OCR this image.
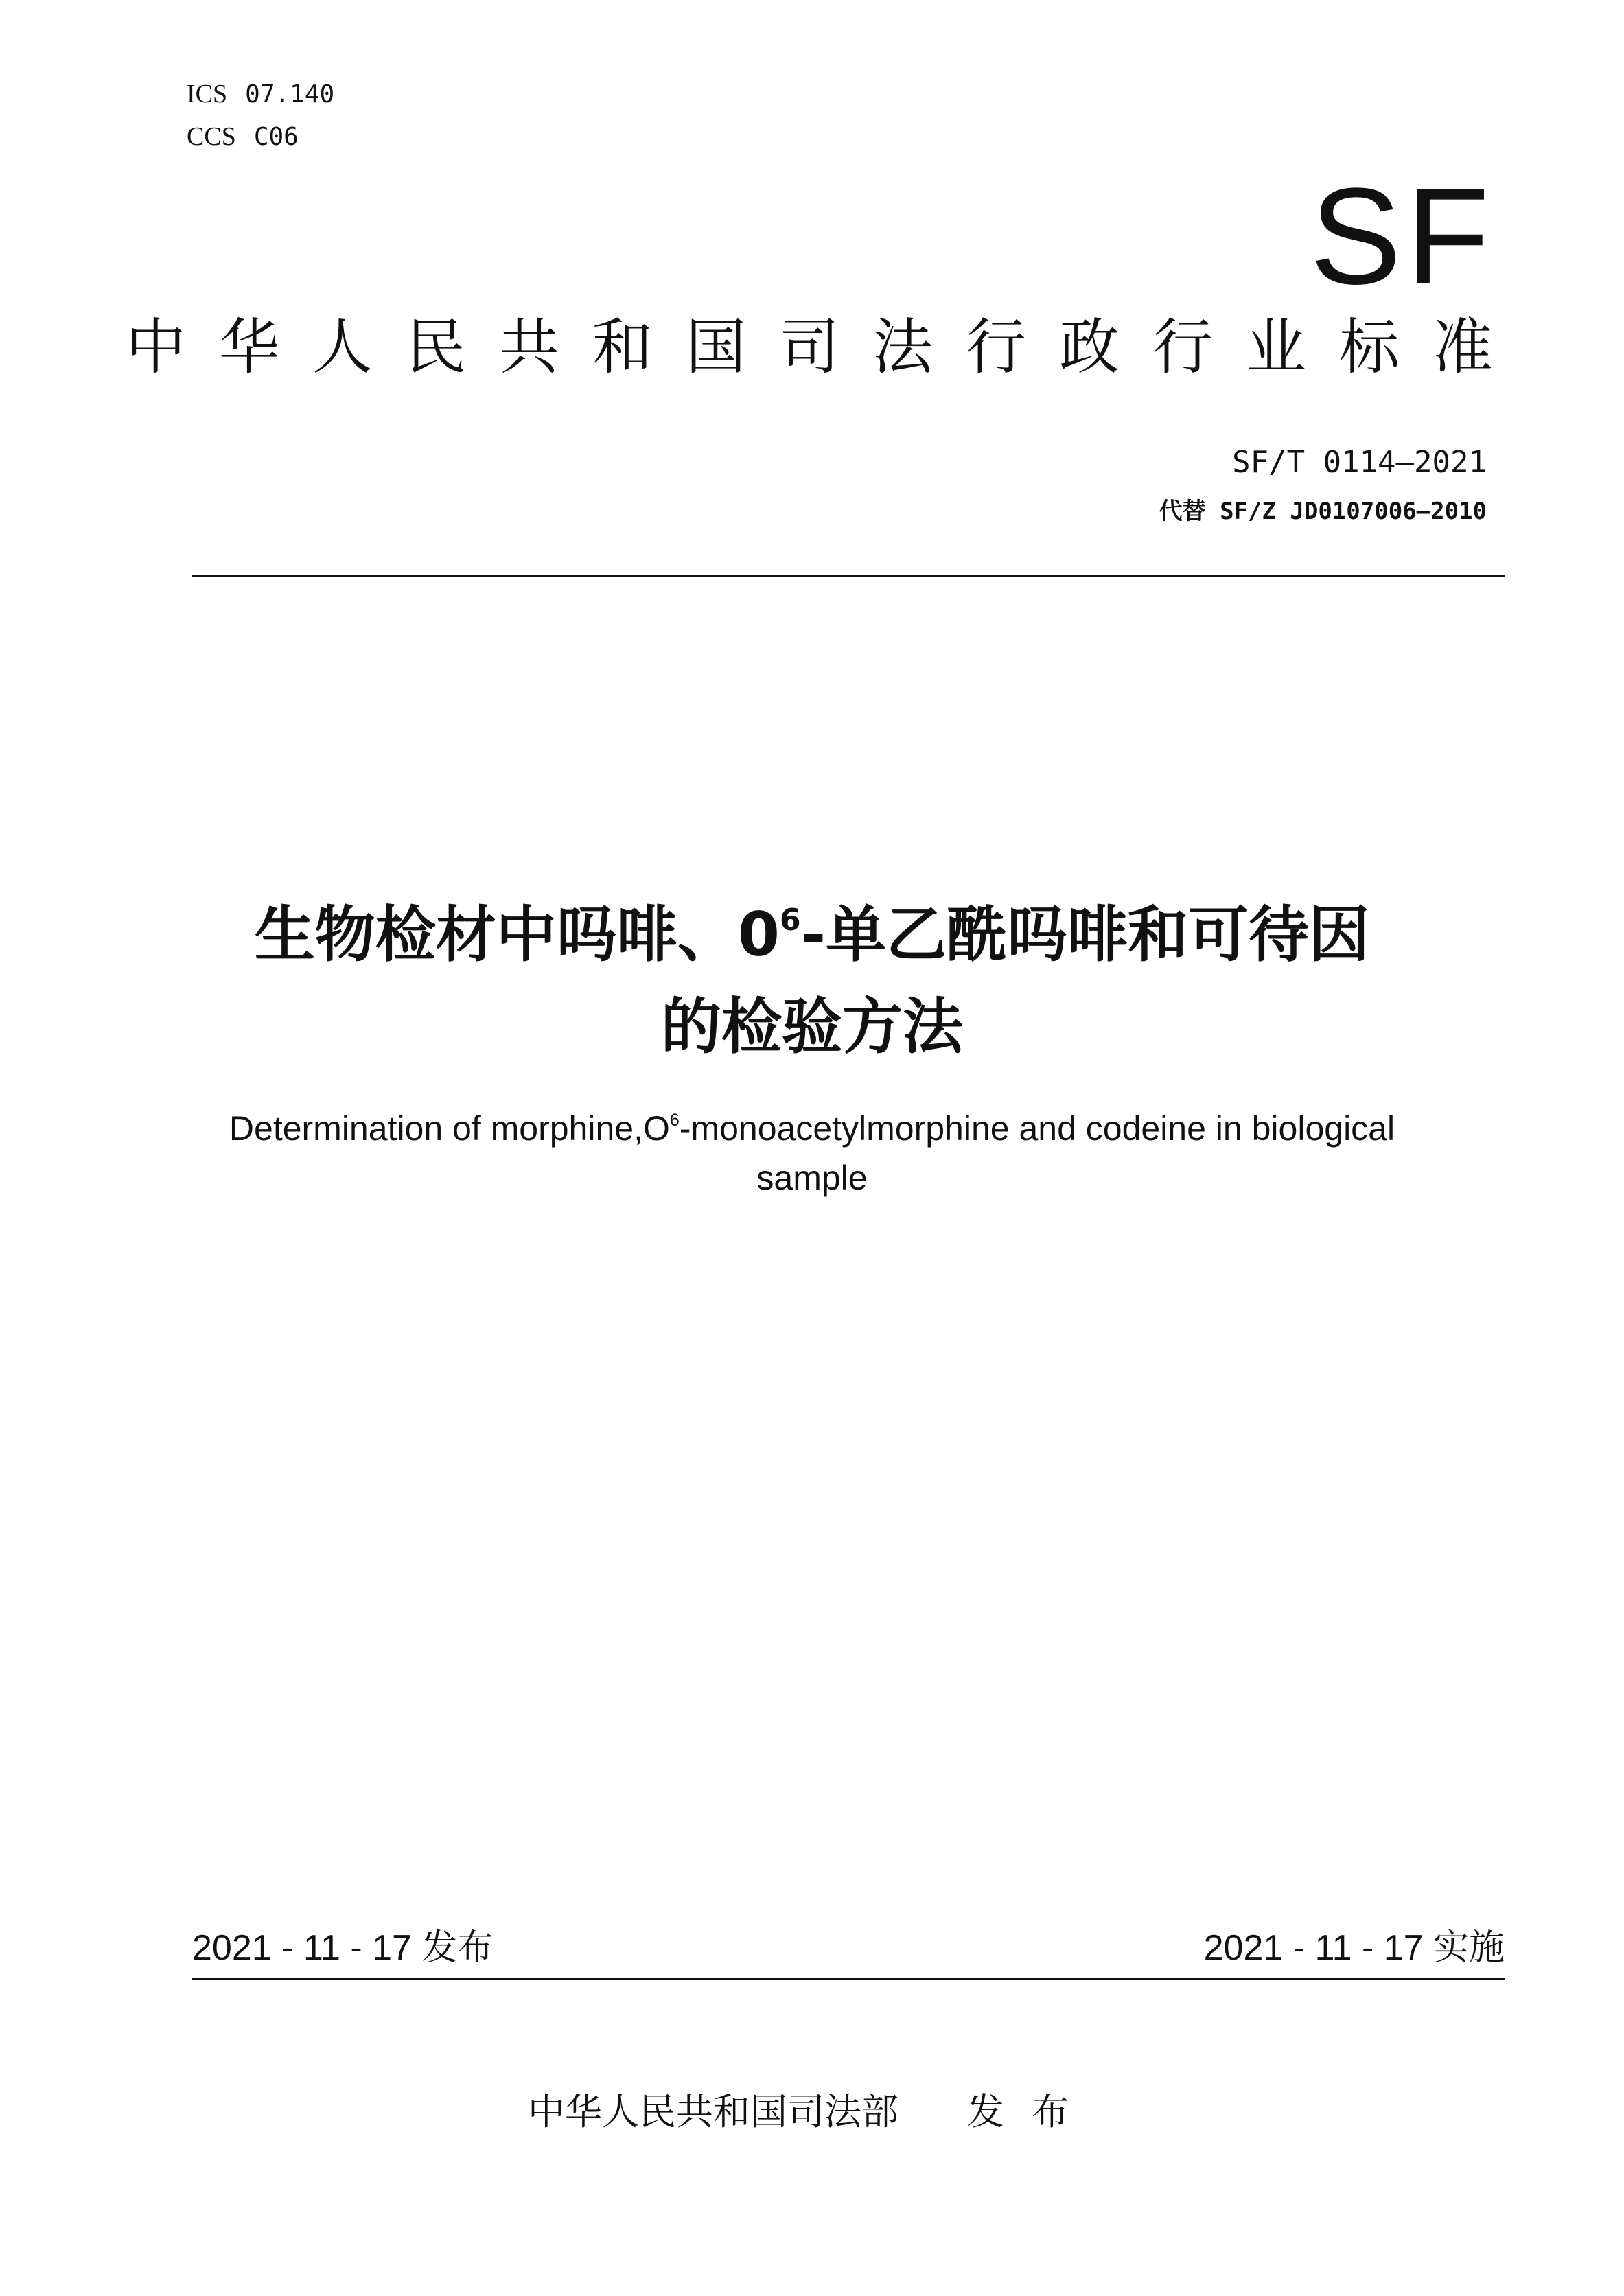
ICS 07.140
CCS C06
SF
中华人民共和国司法行政行业标准
SF/T 0114—2021
代替 SF/Z JD0107006—2010
生物检材中吗啡、$0^6-$单乙酰吗啡和可待因
的检验方法
Determination of $morphine,O^6$-monoacetylmorphine and codeine in biological sample
2021 - 11 - 17 发布	2021 - 11 - 17 实施
中华人民共和国司法部 发布
